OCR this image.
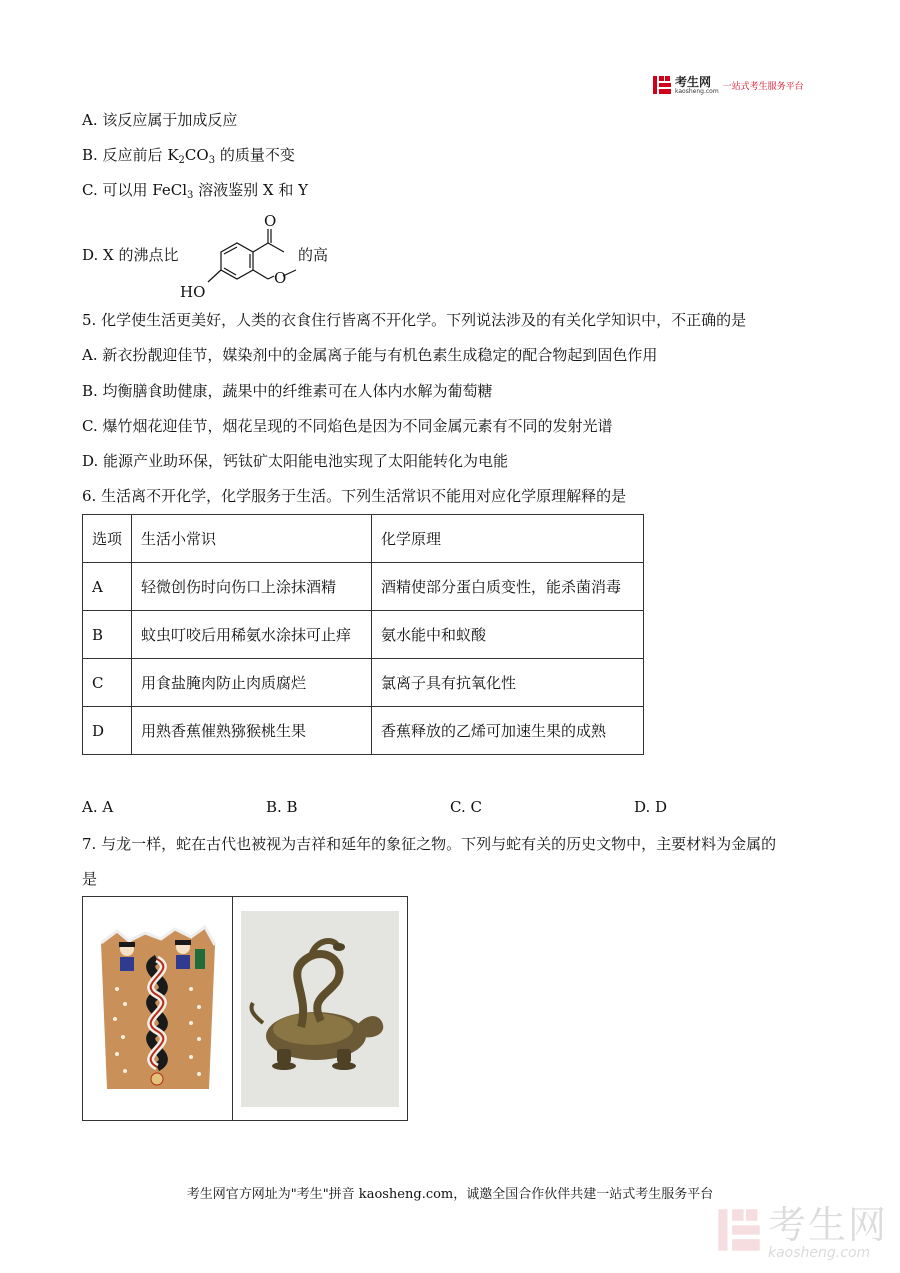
考生网
kaosheng.com 一站式考生服务平台
A. 该反应属于加成反应
B. 反应前后 $K_2CO_3$ 的质量不变
C. 可以用 FeCl$_3$ 溶液鉴别 X 和 Y
D. X 的沸点比
O
HO
O
的高
5. 化学使生活更美好，人类的衣食住行皆离不开化学。下列说法涉及的有关化学知识中，不正确的是
A. 新衣扮靓迎佳节，媒染剂中的金属离子能与有机色素生成稳定的配合物起到固色作用
B. 均衡膳食助健康，蔬果中的纤维素可在人体内水解为葡萄糖
C. 爆竹烟花迎佳节，烟花呈现的不同焰色是因为不同金属元素有不同的发射光谱
D. 能源产业助环保，钙钛矿太阳能电池实现了太阳能转化为电能
6. 生活离不开化学，化学服务于生活。下列生活常识不能用对应化学原理解释的是
选项	生活小常识	化学原理
A	轻微创伤时向伤口上涂抹酒精	酒精使部分蛋白质变性，能杀菌消毒
B	蚊虫叮咬后用稀氨水涂抹可止痒	氨水能中和蚁酸
C	用食盐腌肉防止肉质腐烂	氯离子具有抗氧化性
D	用熟香蕉催熟猕猴桃生果	香蕉释放的乙烯可加速生果的成熟
A. A	B. B	C. C	D. D
7. 与龙一样，蛇在古代也被视为吉祥和延年的象征之物。下列与蛇有关的历史文物中，主要材料为金属的
是
考生网官方网址为"考生"拼音 kaosheng.com，诚邀全国合作伙伴共建一站式考生服务平台
考生网
kaosheng.com
